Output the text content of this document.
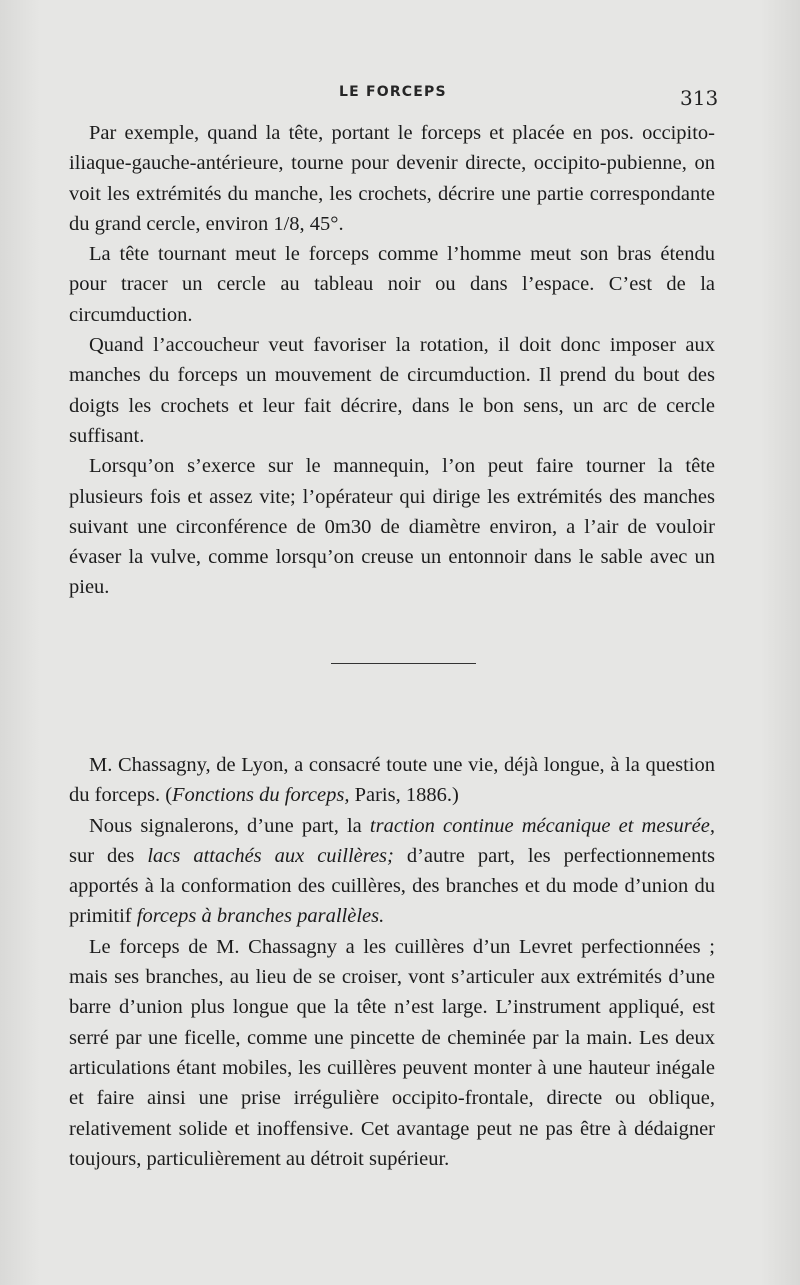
LE FORCEPS	313

Par exemple, quand la tête, portant le forceps et placée en pos. occipito-iliaque-gauche-antérieure, tourne pour devenir directe, occipito-pubienne, on voit les extrémités du manche, les crochets, décrire une partie correspondante du grand cercle, environ 1/8, 45°.

La tête tournant meut le forceps comme l’homme meut son bras étendu pour tracer un cercle au tableau noir ou dans l’espace. C’est de la circumduction.

Quand l’accoucheur veut favoriser la rotation, il doit donc imposer aux manches du forceps un mouvement de circumduction. Il prend du bout des doigts les crochets et leur fait décrire, dans le bon sens, un arc de cercle suffisant.

Lorsqu’on s’exerce sur le mannequin, l’on peut faire tourner la tête plusieurs fois et assez vite; l’opérateur qui dirige les extrémités des manches suivant une circonférence de 0m30 de diamètre environ, a l’air de vouloir évaser la vulve, comme lorsqu’on creuse un entonnoir dans le sable avec un pieu.

M. Chassagny, de Lyon, a consacré toute une vie, déjà longue, à la question du forceps. (Fonctions du forceps, Paris, 1886.)

Nous signalerons, d’une part, la traction continue mécanique et mesurée, sur des lacs attachés aux cuillères; d’autre part, les perfectionnements apportés à la conformation des cuillères, des branches et du mode d’union du primitif forceps à branches parallèles.

Le forceps de M. Chassagny a les cuillères d’un Levret perfectionnées ; mais ses branches, au lieu de se croiser, vont s’articuler aux extrémités d’une barre d’union plus longue que la tête n’est large. L’instrument appliqué, est serré par une ficelle, comme une pincette de cheminée par la main. Les deux articulations étant mobiles, les cuillères peuvent monter à une hauteur inégale et faire ainsi une prise irrégulière occipito-frontale, directe ou oblique, relativement solide et inoffensive. Cet avantage peut ne pas être à dédaigner toujours, particulièrement au détroit supérieur.
